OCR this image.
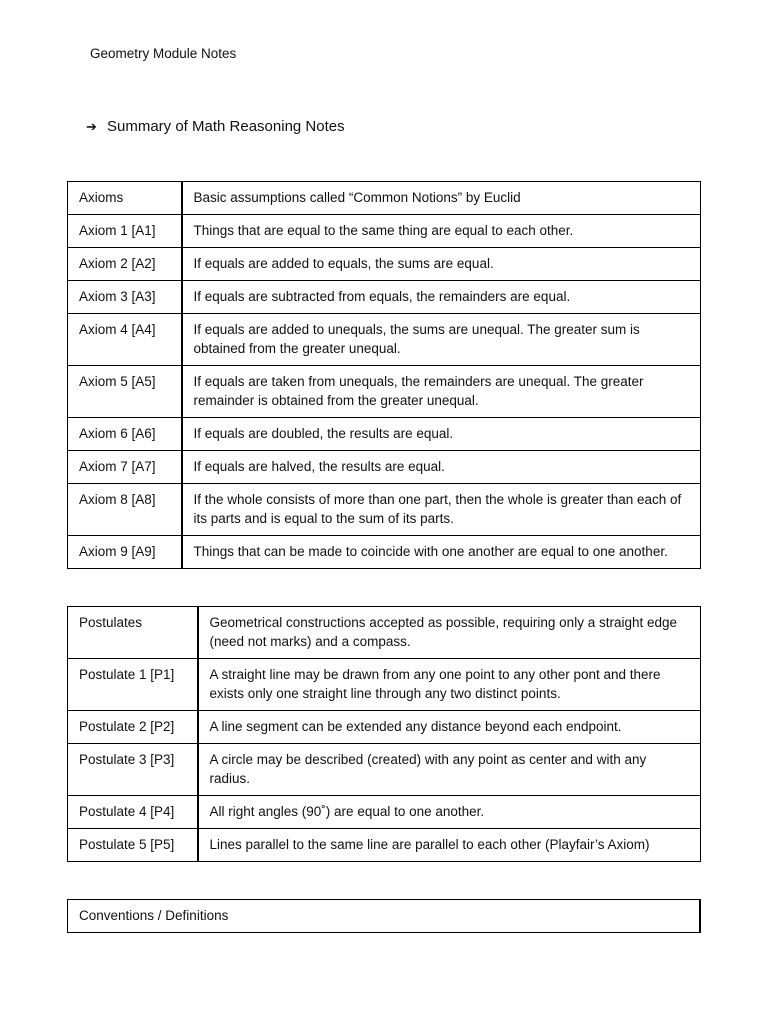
Geometry Module Notes
➔ Summary of Math Reasoning Notes
Axioms	Basic assumptions called “Common Notions” by Euclid
Axiom 1 [A1]	Things that are equal to the same thing are equal to each other.
Axiom 2 [A2]	If equals are added to equals, the sums are equal.
Axiom 3 [A3]	If equals are subtracted from equals, the remainders are equal.
Axiom 4 [A4]	If equals are added to unequals, the sums are unequal. The greater sum is obtained from the greater unequal.
Axiom 5 [A5]	If equals are taken from unequals, the remainders are unequal. The greater remainder is obtained from the greater unequal.
Axiom 6 [A6]	If equals are doubled, the results are equal.
Axiom 7 [A7]	If equals are halved, the results are equal.
Axiom 8 [A8]	If the whole consists of more than one part, then the whole is greater than each of its parts and is equal to the sum of its parts.
Axiom 9 [A9]	Things that can be made to coincide with one another are equal to one another.
Postulates	Geometrical constructions accepted as possible, requiring only a straight edge (need not marks) and a compass.
Postulate 1 [P1]	A straight line may be drawn from any one point to any other pont and there exists only one straight line through any two distinct points.
Postulate 2 [P2]	A line segment can be extended any distance beyond each endpoint.
Postulate 3 [P3]	A circle may be described (created) with any point as center and with any radius.
Postulate 4 [P4]	All right angles (90˚) are equal to one another.
Postulate 5 [P5]	Lines parallel to the same line are parallel to each other (Playfair’s Axiom)
Conventions / Definitions
